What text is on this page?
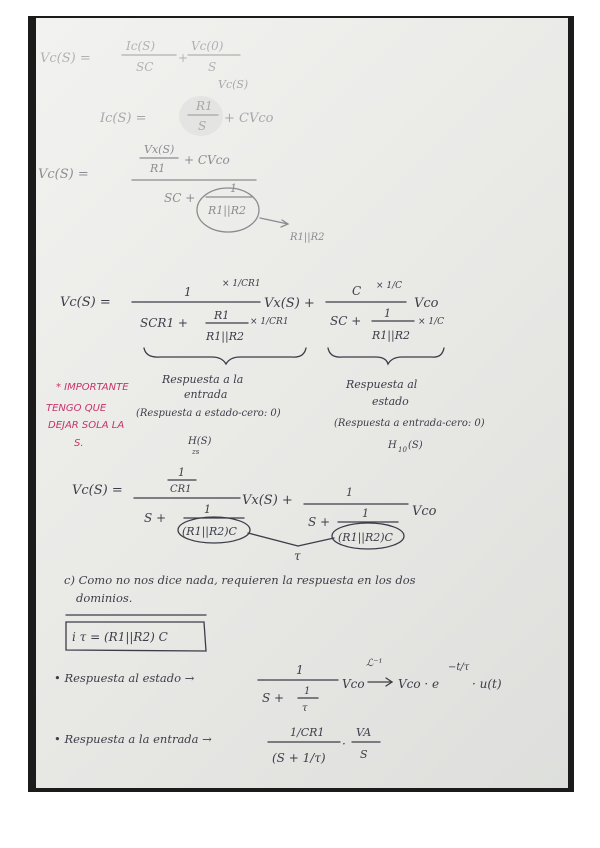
Vc(S) =
Ic(S)
SC
+
Vc(0)
S
Vc(S)
Ic(S) =
R1
S + CVco
Vc(S) =
Vx(S)
R1
+ CVco
SC +
1
R1||R2
R1||R2
Vc(S) =
1
× 1/CR1
SCR1 +
R1
R1||R2
× 1/CR1
Vx(S) +
C × 1/C
SC +
1
R1||R2
× 1/C
Vco
* IMPORTANTE
TENGO QUE
DEJAR SOLA LA
S.
Respuesta a la
entrada
(Respuesta a estado-cero: 0)
H(S)
zs
Respuesta al
estado
(Respuesta a entrada-cero: 0)
H 10 (S)
Vc(S) =
1
CR1
S +
1
(R1||R2)C
Vx(S) +
1
S +
1
(R1||R2)C
Vco
τ
c) Como no nos dice nada, requieren la respuesta en los dos
dominios.
i τ = (R1||R2) C
• Respuesta al estado →
1
S + 1
τ
Vco
ℒ⁻¹
Vco · e
−t/τ
· u(t)
• Respuesta a la entrada →	1/CR1
(S + 1/τ)
·
VA
S
